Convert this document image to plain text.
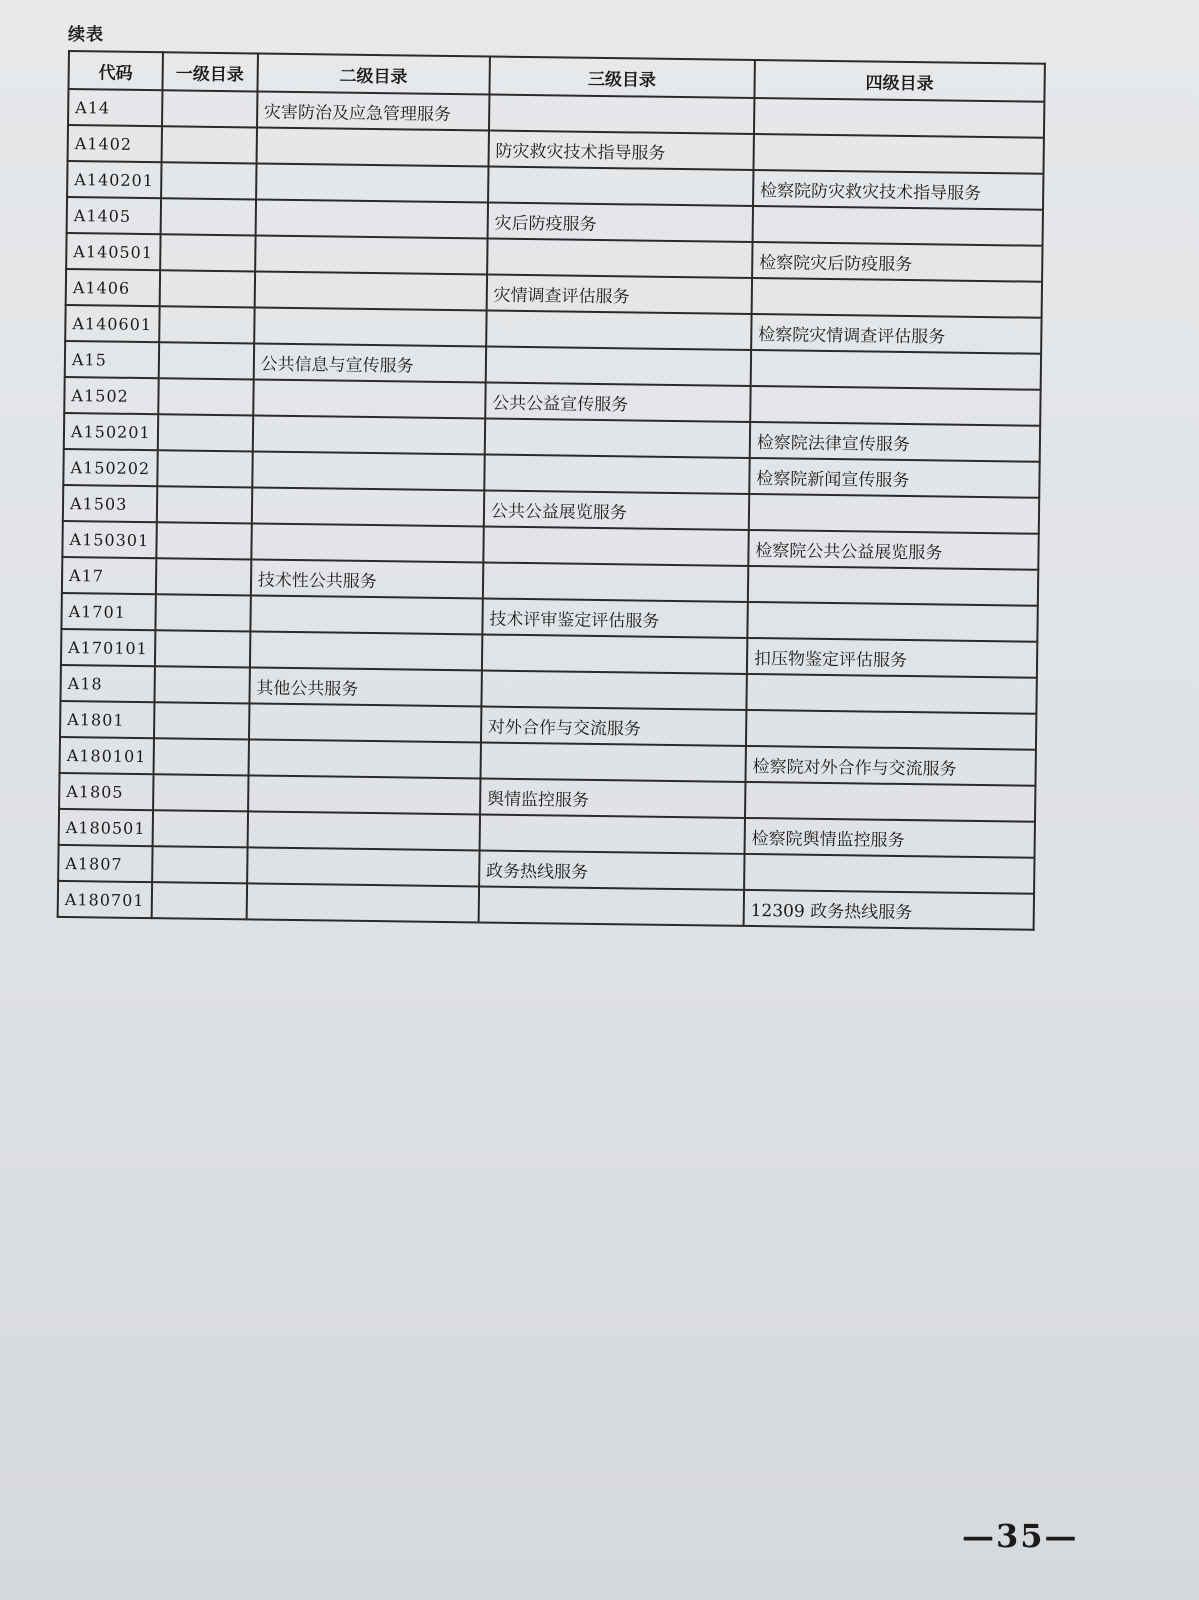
续表
代码	一级目录	二级目录	三级目录	四级目录
A14		灾害防治及应急管理服务		
A1402			防灾救灾技术指导服务	
A140201				检察院防灾救灾技术指导服务
A1405			灾后防疫服务	
A140501				检察院灾后防疫服务
A1406			灾情调查评估服务	
A140601				检察院灾情调查评估服务
A15		公共信息与宣传服务		
A1502			公共公益宣传服务	
A150201				检察院法律宣传服务
A150202				检察院新闻宣传服务
A1503			公共公益展览服务	
A150301				检察院公共公益展览服务
A17		技术性公共服务		
A1701			技术评审鉴定评估服务	
A170101				扣压物鉴定评估服务
A18		其他公共服务		
A1801			对外合作与交流服务	
A180101				检察院对外合作与交流服务
A1805			舆情监控服务	
A180501				检察院舆情监控服务
A1807			政务热线服务	
A180701				12309 政务热线服务
—35—
